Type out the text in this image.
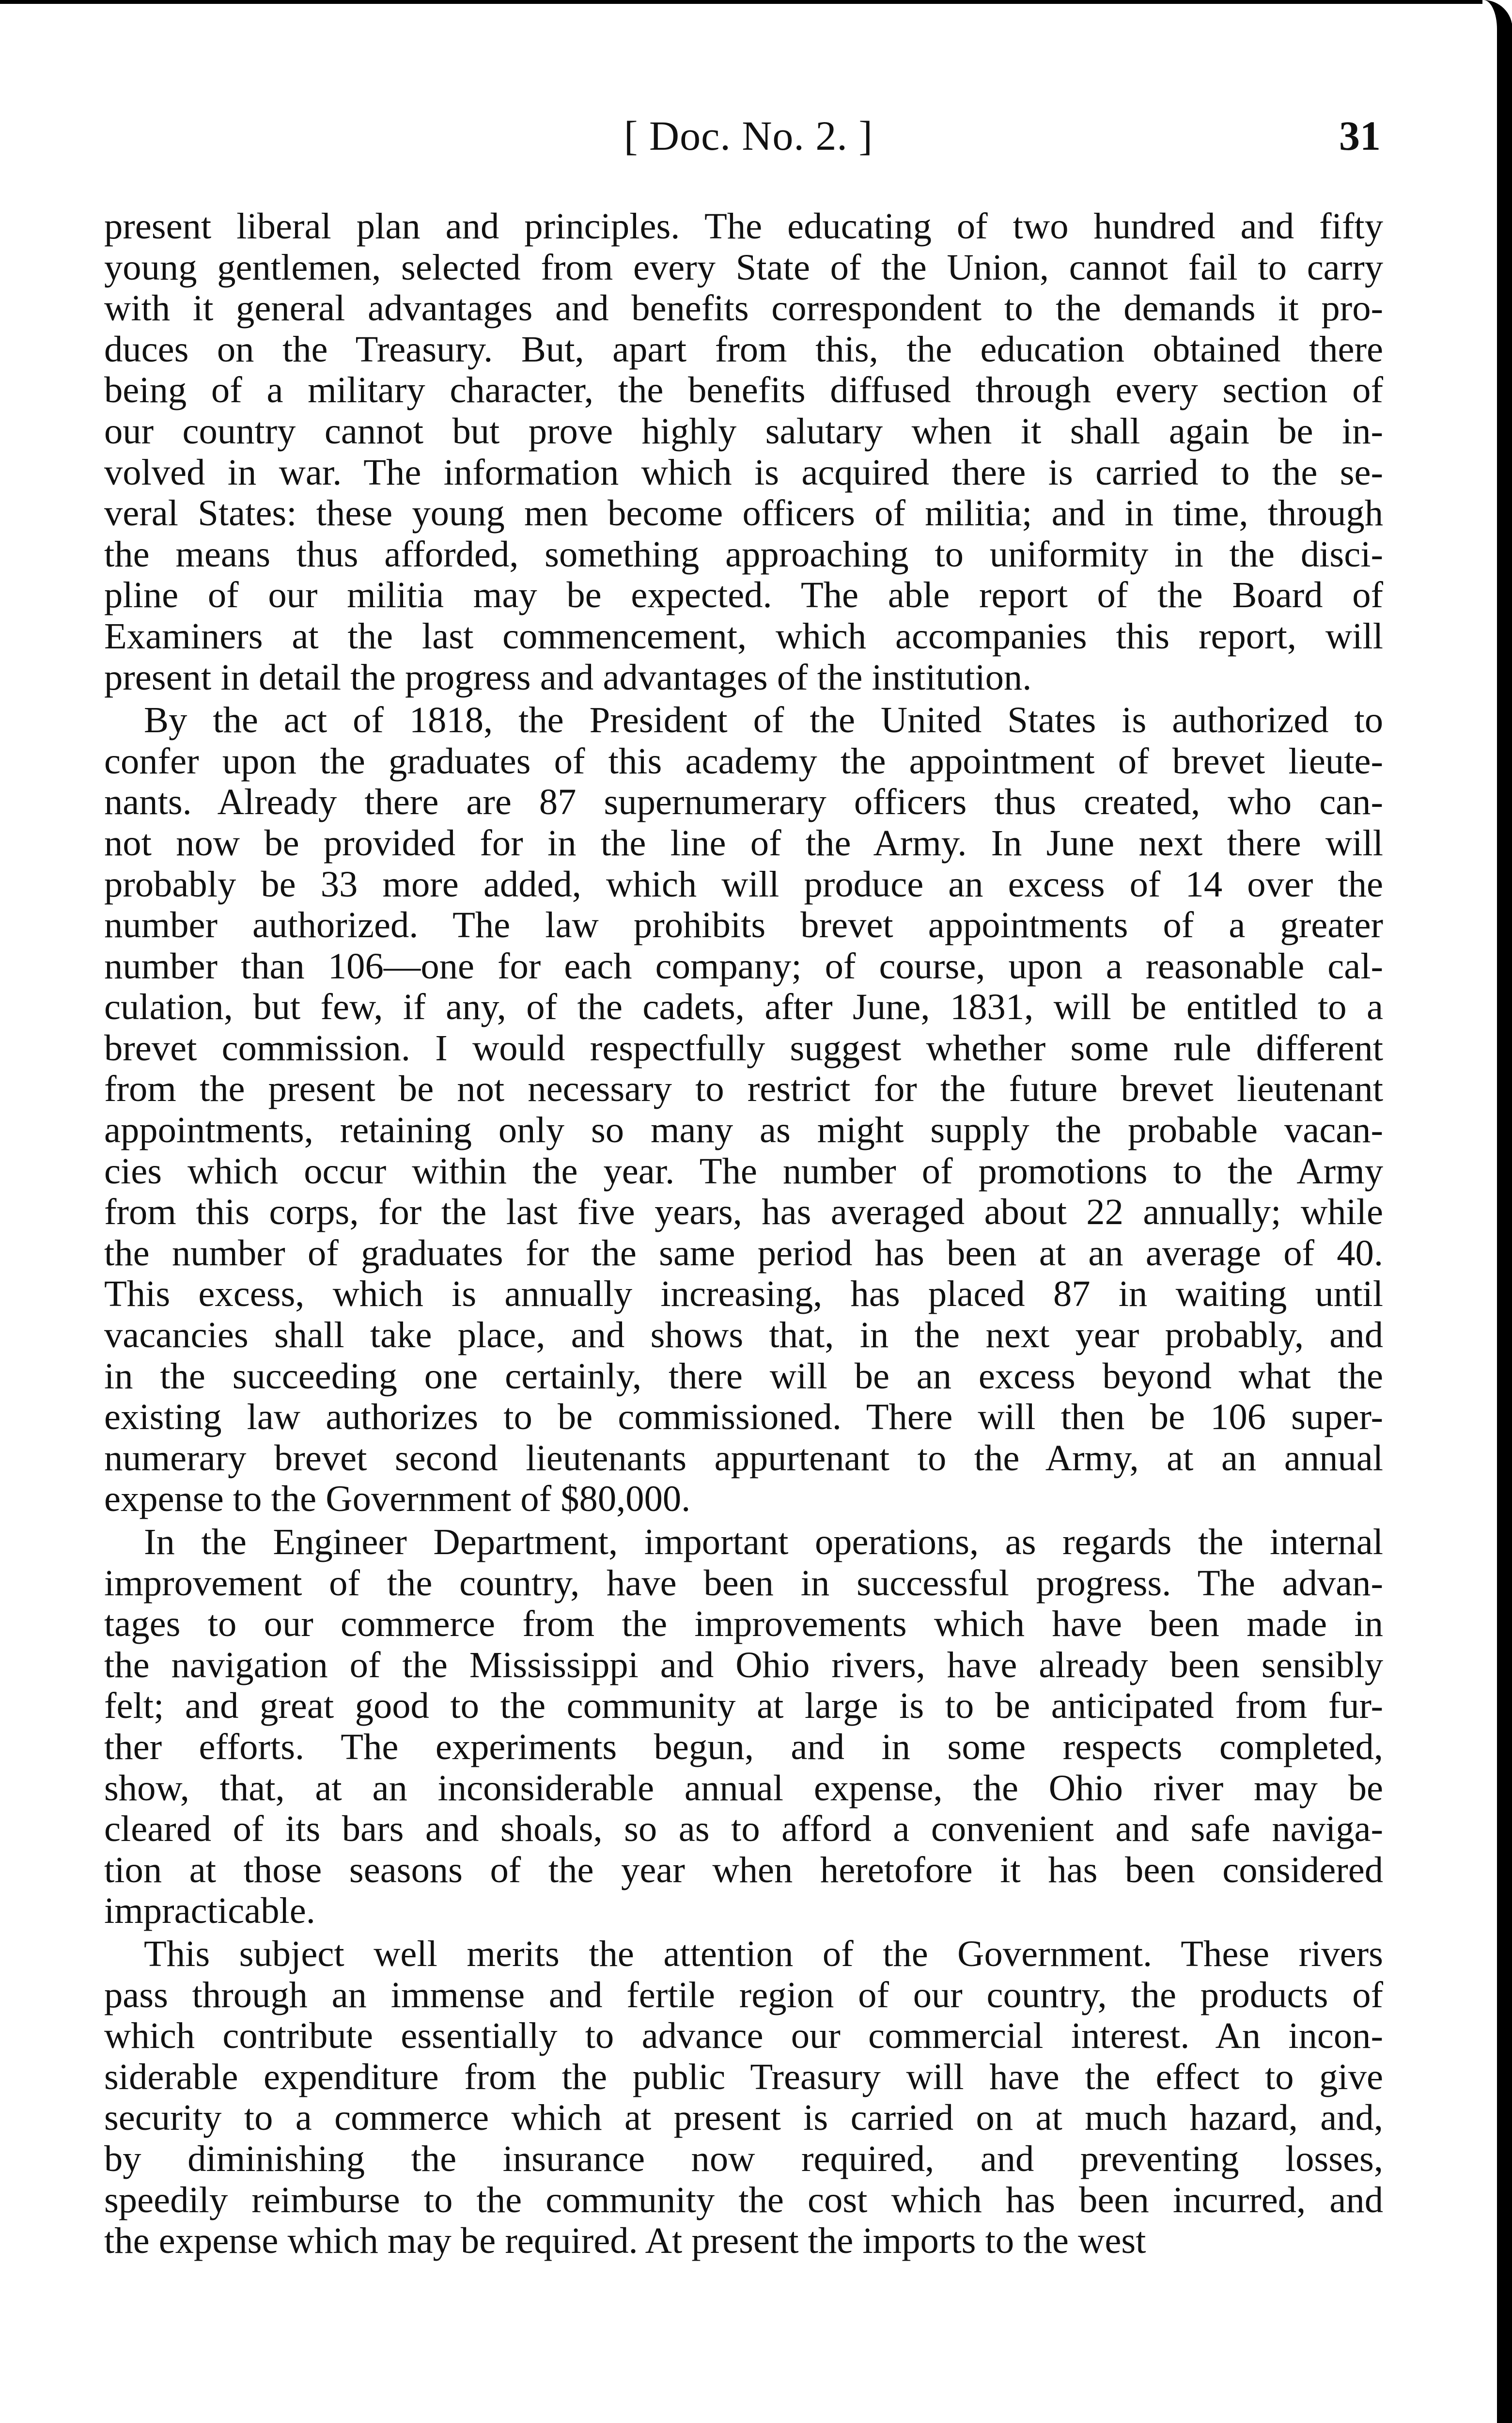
[ Doc. No. 2. ]	31

present liberal plan and principles. The educating of two hundred and fifty
young gentlemen, selected from every State of the Union, cannot fail to carry
with it general advantages and benefits correspondent to the demands it pro-
duces on the Treasury. But, apart from this, the education obtained there
being of a military character, the benefits diffused through every section of
our country cannot but prove highly salutary when it shall again be in-
volved in war. The information which is acquired there is carried to the se-
veral States: these young men become officers of militia; and in time, through
the means thus afforded, something approaching to uniformity in the disci-
pline of our militia may be expected. The able report of the Board of
Examiners at the last commencement, which accompanies this report, will
present in detail the progress and advantages of the institution.

By the act of 1818, the President of the United States is authorized to
confer upon the graduates of this academy the appointment of brevet lieute-
nants. Already there are 87 supernumerary officers thus created, who can-
not now be provided for in the line of the Army. In June next there will
probably be 33 more added, which will produce an excess of 14 over the
number authorized. The law prohibits brevet appointments of a greater
number than 106—one for each company; of course, upon a reasonable cal-
culation, but few, if any, of the cadets, after June, 1831, will be entitled to a
brevet commission. I would respectfully suggest whether some rule different
from the present be not necessary to restrict for the future brevet lieutenant
appointments, retaining only so many as might supply the probable vacan-
cies which occur within the year. The number of promotions to the Army
from this corps, for the last five years, has averaged about 22 annually; while
the number of graduates for the same period has been at an average of 40.
This excess, which is annually increasing, has placed 87 in waiting until
vacancies shall take place, and shows that, in the next year probably, and
in the succeeding one certainly, there will be an excess beyond what the
existing law authorizes to be commissioned. There will then be 106 super-
numerary brevet second lieutenants appurtenant to the Army, at an annual
expense to the Government of $80,000.

In the Engineer Department, important operations, as regards the internal
improvement of the country, have been in successful progress. The advan-
tages to our commerce from the improvements which have been made in
the navigation of the Mississippi and Ohio rivers, have already been sensibly
felt; and great good to the community at large is to be anticipated from fur-
ther efforts. The experiments begun, and in some respects completed,
show, that, at an inconsiderable annual expense, the Ohio river may be
cleared of its bars and shoals, so as to afford a convenient and safe naviga-
tion at those seasons of the year when heretofore it has been considered
impracticable.

This subject well merits the attention of the Government. These rivers
pass through an immense and fertile region of our country, the products of
which contribute essentially to advance our commercial interest. An incon-
siderable expenditure from the public Treasury will have the effect to give
security to a commerce which at present is carried on at much hazard, and,
by diminishing the insurance now required, and preventing losses,
speedily reimburse to the community the cost which has been incurred, and
the expense which may be required. At present the imports to the west
